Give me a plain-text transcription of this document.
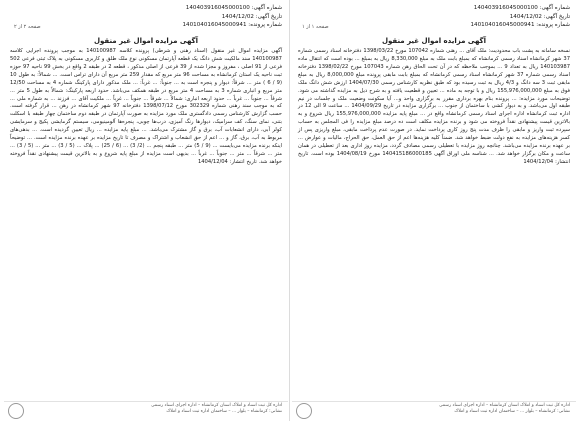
شماره آگهی: 140403916045000100
تاریخ آگهی: 1404/12/02
شماره پرونده: 140104016045000941
صفحه ۱ از ۱
آگهی مزایده اموال غیر منقول
نسخه سامانه به پشت باب محدودیت: ملک آقای ... رهنی شماره 107042 مورخ 1398/03/22 دفترخانه اسناد رسمی شماره 37 شهر کرمانشاه اسناد رسمی کرمانشاه که بمبلغ بابت ملک به مبلغ 8,330,000 ریال به بمبلغ ... بوده است که انتقال ماده 140103987 ریال به تعداد 9 ... بموجب ملاحظه که در آن تحت الحاق رهن شماره 107043 مورخ 1398/02/22 دفترخانه اسناد رسمی شماره 37 شهر کرمانشاه اسناد رسمی کرمانشاه که بمبلغ بابت مابقی پرونده مبلغ 8,000,000 ریال به مبلغ مابقی ثبت 3 سه دانگ و 4/3 ریال به ثبت رسیده بود که طبق نظریه کارشناس رسمی 1404/07/30 ارزش شش دانگ ملک فوق به مبلغ 155,976,000,000 ریال و با توجه به ماده ... تعیین و قطعیت یافته و به شرح ذیل به مزایده گذاشته می شود. توضیحات مورد مزایده: ... پرونده بنام بهره برداری مقرر به برگزاری واحد و... آیا سکونت وضعیت ملک و جلسات در نیم طبقه اول می‌باشد. و به دیوار کشی با ساختمان از جنوب ... برگزاری مزایده در تاریخ 1404/09/29 ... ساعت 9 الی 12 در اداره ثبت کرمانشاه اداره اجرای اسناد رسمی کرمانشاه واقع در ... مبلغ پایه مزایده 155,976,000,000 ریال شروع و به بالاترین قیمت پیشنهادی نقداً فروخته می شود و برنده مزایده مکلف است ده درصد مبلغ مزایده را فی المجلس به حساب سپرده ثبت واریز و مابقی را ظرف مدت پنج روز کاری پرداخت نماید. در صورت عدم پرداخت مابقی، مبلغ واریزی پس از کسر هزینه‌های مزایده به نفع دولت ضبط خواهد شد. ضمناً کلیه هزینه‌ها اعم از حق العمل، حق الحراج، مالیات و عوارض ... بر عهده برنده مزایده می‌باشد. چنانچه روز مزایده با تعطیلی رسمی مصادف گردد، مزایده روز اداری بعد از تعطیلی در همان ساعت و مکان برگزار خواهد شد. ... شناسه ملی اوراق آگهی 140415186000185 مورخ 1404/08/19 بوده است. تاریخ انتشار: 1404/12/04
اداره کل ثبت اسناد و املاک استان کرمانشاه – اداره اجرای اسناد رسمی
نشانی: کرمانشاه – بلوار ... – ساختمان اداره ثبت اسناد و املاک
شماره آگهی: 140403916045000100
تاریخ آگهی: 1404/12/02
شماره پرونده: 140104016045000941
صفحه ۲ از ۲
آگهی مزایده اموال غیر منقول
آگهی مزایده اموال غیر منقول (اسناد رهنی و شرطی) پرونده کلاسه 140100987 به موجب پرونده اجرایی کلاسه 140100987 سند مالکیت شش دانگ یک قطعه آپارتمان مسکونی نوع ملک طلق و کاربری مسکونی به پلاک ثبتی فرعی 502 فرعی از 91 اصلی ، مفروز و مجزا شده از 39 فرعی از اصلی مذکور ، قطعه 2 در طبقه 2 واقع در بخش 99 ناحیه 97 حوزه ثبت ناحیه یک استان کرمانشاه به مساحت 96 متر مربع که مقدار 259 متر مربع آن دارای تراس است. ... شمالاً: به طول 10 (9 / 6 ) متر ... شرقاً: دیوار و پنجره است به ... جنوباً: ... غرباً: ... ملک مذکور دارای پارکینگ شماره 4 به مساحت 12/50 متر مربع و انباری شماره 3 به مساحت 4 متر مربع در طبقه همکف می‌باشد. حدود اربعه پارکینگ: شمالاً به طول 5 متر ... شرقاً ... جنوباً ... غرباً ... حدود اربعه انباری: شمالاً ... شرقاً ... جنوباً ... غرباً ... ملکیت آقای ... فرزند ... به شماره ملی ... که به موجب سند رهنی شماره 302329 مورخ 1398/07/12 دفترخانه 97 شهر کرمانشاه در رهن ... قرار گرفته است. حسب گزارش کارشناس رسمی دادگستری ملک مورد مزایده به صورت آپارتمان در طبقه دوم ساختمان چهار طبقه با اسکلت بتنی، نمای سنگ، کف سرامیک، دیوارها رنگ آمیزی، درب‌ها چوبی، پنجره‌ها آلومینیومی، سیستم گرمایشی پکیج و سرمایشی کولر آبی، دارای انشعابات آب، برق و گاز مشترک می‌باشد. ... مبلغ پایه مزایده ... ریال تعیین گردیده است. ... بدهی‌های مربوط به آب، برق، گاز و ... اعم از حق انشعاب و اشتراک و مصرف تا تاریخ مزایده بر عهده برنده مزایده است. ... توضیحاً اینکه برنده مزایده می‌بایست ... (9 / 5) متر ... طبقه پنجم ... (2/ 3) ... (6 / 25) ... پلاک ... (5 / 3) ... متر ... (5 / 3) ... متر ... شرقاً ... متر ... جنوباً ... غرباً ... بدیهی است مزایده از مبلغ پایه شروع و به بالاترین قیمت پیشنهادی نقداً فروخته خواهد شد. تاریخ انتشار: 1404/12/04
اداره کل ثبت اسناد و املاک استان کرمانشاه – اداره اجرای اسناد رسمی
نشانی: کرمانشاه – بلوار ... – ساختمان اداره ثبت اسناد و املاک
